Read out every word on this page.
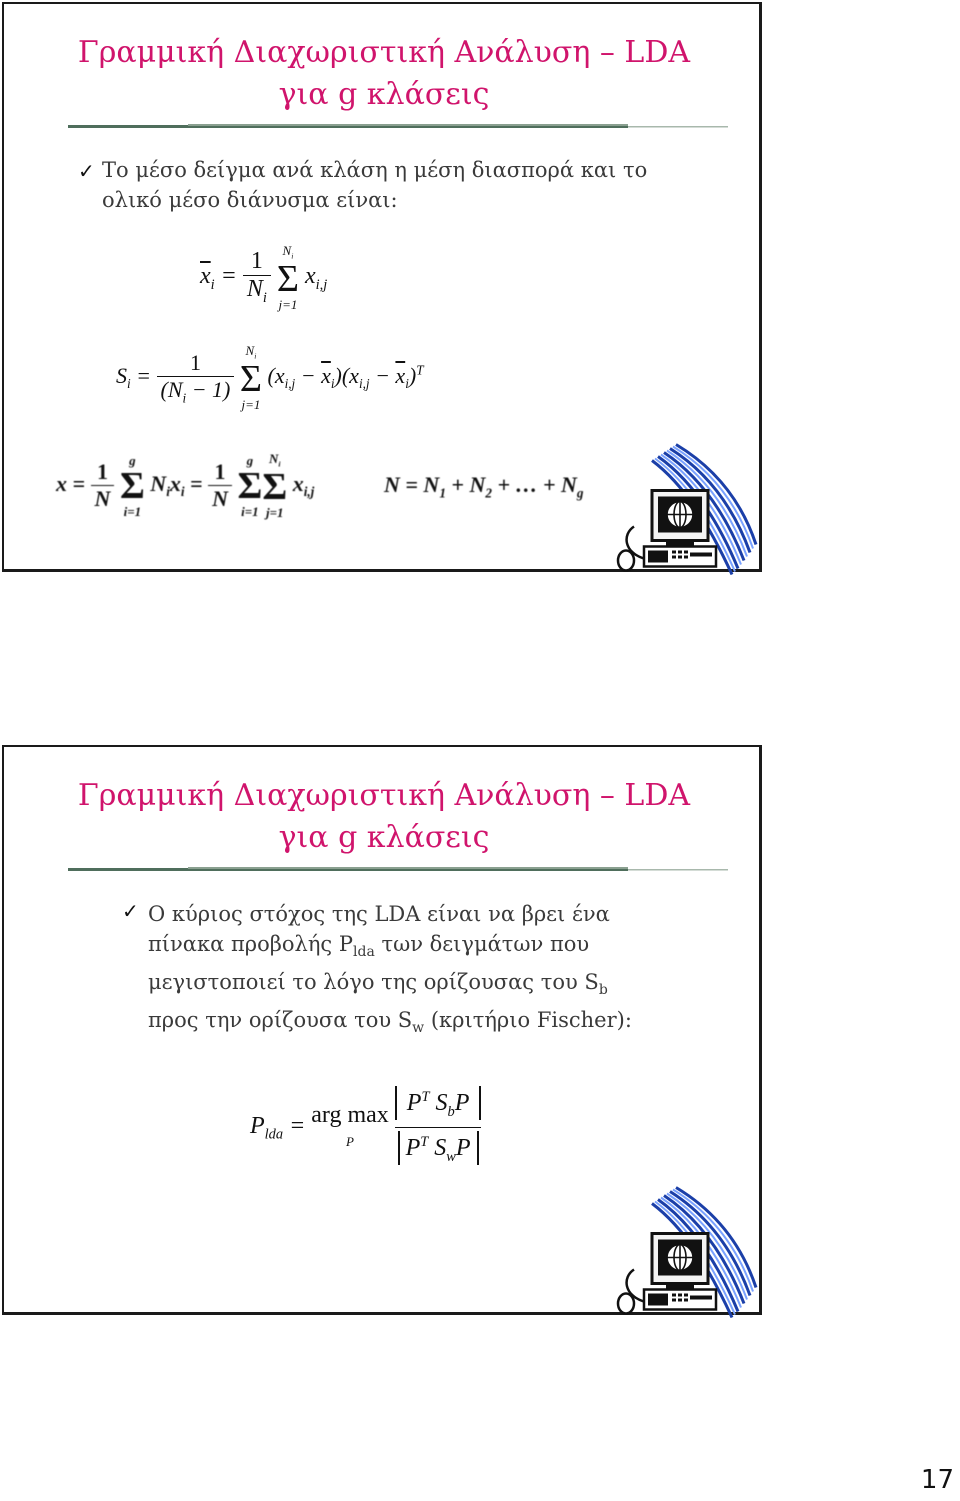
Γραμμική Διαχωριστική Ανάλυση – LDA
για g κλάσεις
✓ Το μέσο δείγμα ανά κλάση η μέση διασπορά και το
ολικό μέσο διάνυσμα είναι:
$\overline{x}_i = \frac{1}{N_i}$
$N_i$
Σ
j=1
$x_{i,j}$
$S_i = \frac{1}{(N_i - 1)}$
$N_i$
Σ
j=1
$(x_{i,j} - \overline{x}_i)(x_{i,j} - \overline{x}_i)^T$
$x = \frac{1}{N}$
	g
Σ
i=1
$N_ix_i = \frac{1}{N}$
	g
Σ
i=1
$N_i$
Σ
j=1
$x_{i,j}$	$N = N_1 + N_2$ + … + $N_g$
Γραμμική Διαχωριστική Ανάλυση – LDA
για g κλάσεις
✓ Ο κύριος στόχος της LDA είναι να βρει ένα
πίνακα προβολής $P_{lda}$ των δειγμάτων που
μεγιστοποιεί το λόγο της ορίζουσας του $S_b$
προς την ορίζουσα του $S_w$ (κριτήριο Fischer):
$P_{lda}$ = arg max
P $\frac{P^T S_bP}{P^T S_wP}$
17
